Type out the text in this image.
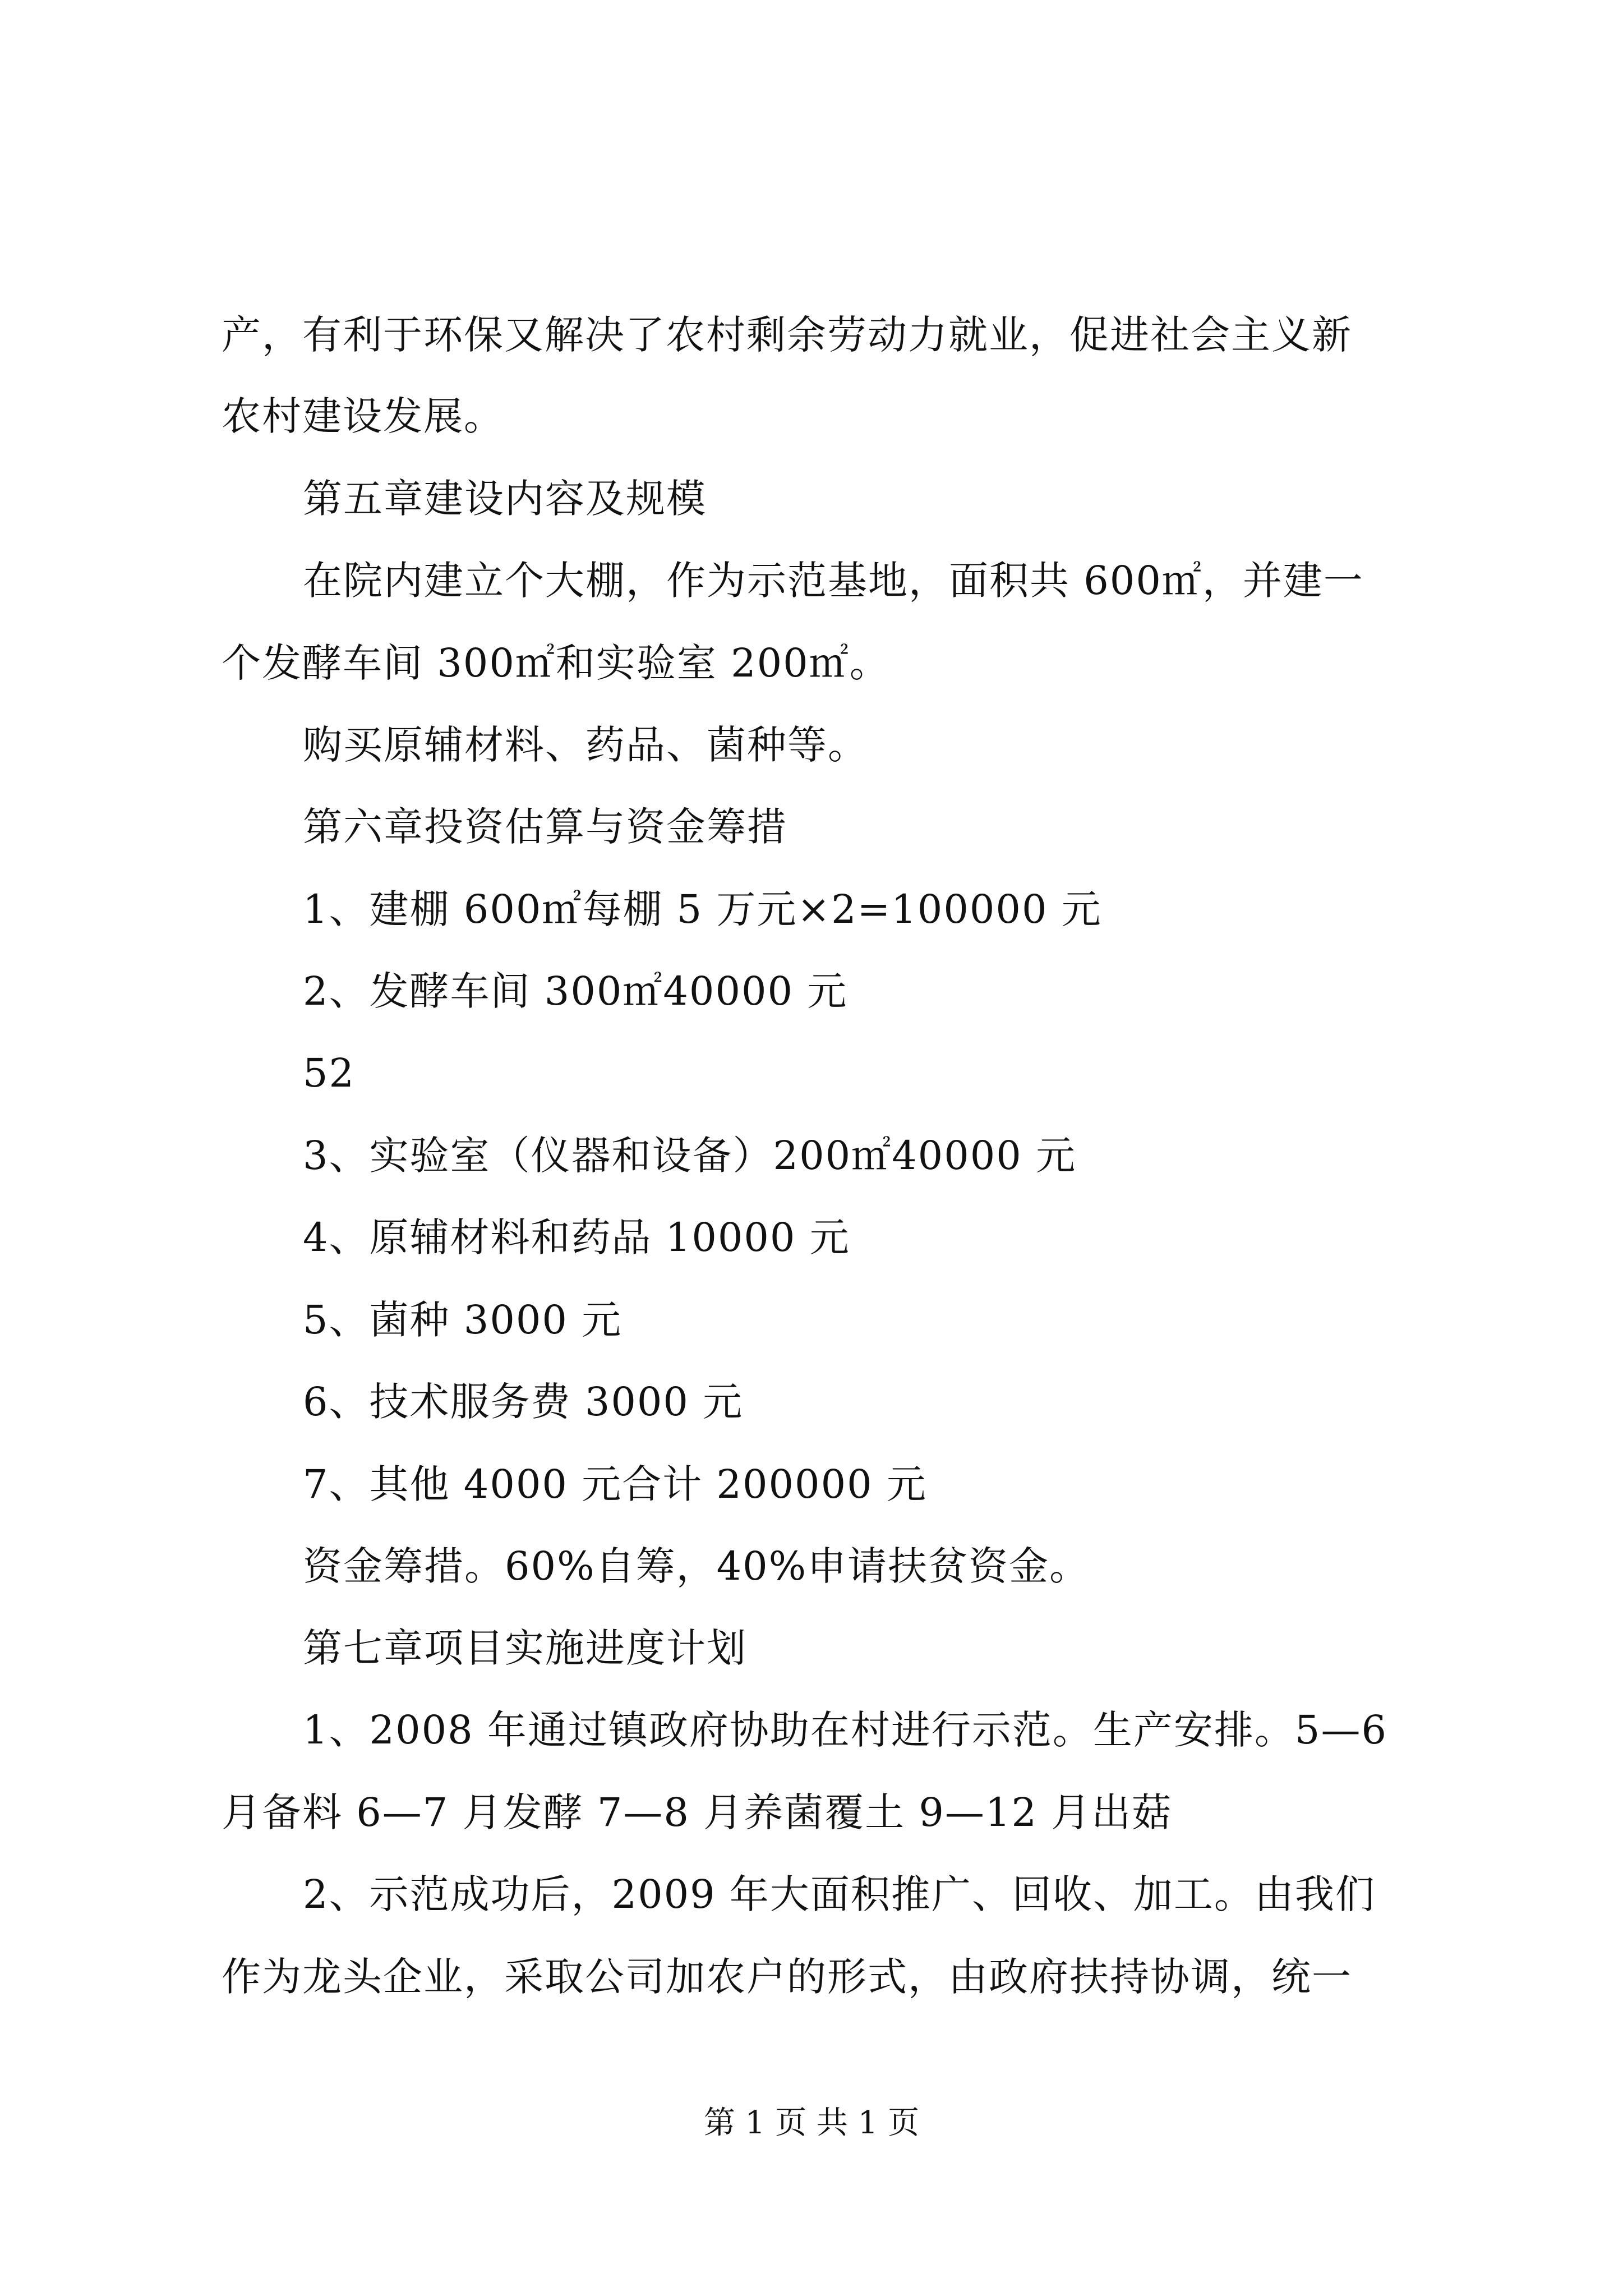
产，有利于环保又解决了农村剩余劳动力就业，促进社会主义新
农村建设发展。
第五章建设内容及规模
在院内建立个大棚，作为示范基地，面积共 600㎡，并建一
个发酵车间 300㎡和实验室 200㎡。
购买原辅材料、药品、菌种等。
第六章投资估算与资金筹措
1、建棚 600㎡每棚 5 万元×2=100000 元
2、发酵车间 300㎡40000 元
52
3、实验室（仪器和设备）200㎡40000 元
4、原辅材料和药品 10000 元
5、菌种 3000 元
6、技术服务费 3000 元
7、其他 4000 元合计 200000 元
资金筹措。60%自筹，40%申请扶贫资金。
第七章项目实施进度计划
1、2008 年通过镇政府协助在村进行示范。生产安排。5—6
月备料 6—7 月发酵 7—8 月养菌覆土 9—12 月出菇
2、示范成功后，2009 年大面积推广、回收、加工。由我们
作为龙头企业，采取公司加农户的形式，由政府扶持协调，统一
第 1 页 共 1 页
